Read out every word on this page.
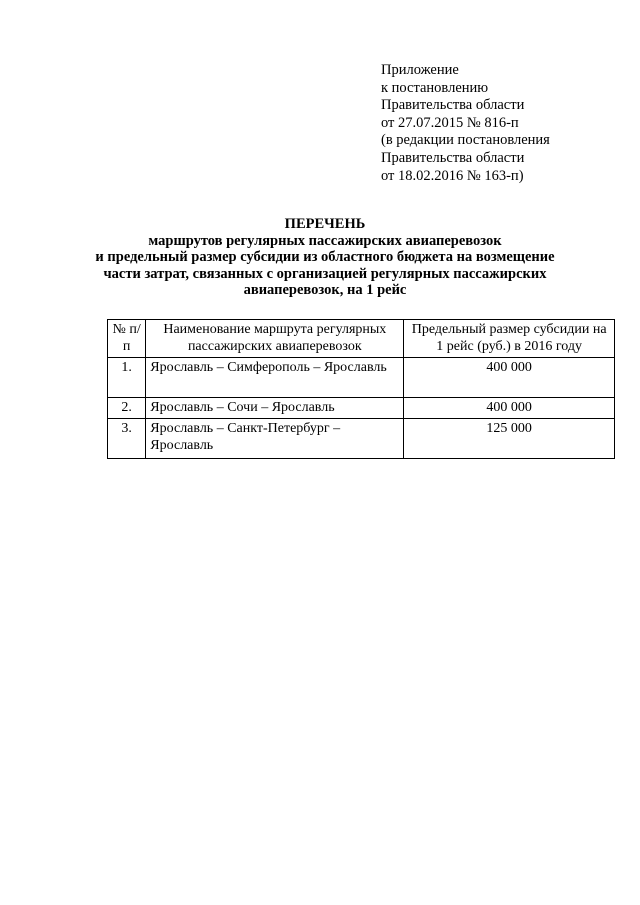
Приложение
к постановлению
Правительства области
от 27.07.2015 № 816-п
(в редакции постановления
Правительства области
от 18.02.2016 № 163-п)
ПЕРЕЧЕНЬ
маршрутов регулярных пассажирских авиаперевозок
и предельный размер субсидии из областного бюджета на возмещение
части затрат, связанных с организацией регулярных пассажирских
авиаперевозок, на 1 рейс
№ п/п	Наименование маршрута регулярных пассажирских авиаперевозок	Предельный размер субсидии на 1 рейс (руб.) в 2016 году
1.	Ярославль – Симферополь – Ярославль	400 000
2.	Ярославль – Сочи – Ярославль	400 000
3.	Ярославль – Санкт-Петербург – Ярославль	125 000
